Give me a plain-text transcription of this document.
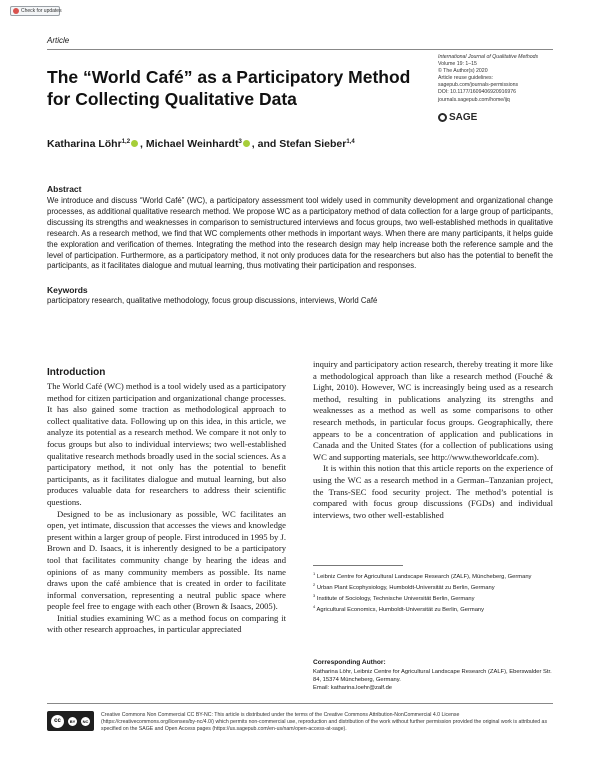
Check for updates
Article
The “World Café” as a Participatory Method for Collecting Qualitative Data
International Journal of Qualitative Methods
Volume 19: 1–15
© The Author(s) 2020
Article reuse guidelines:
sagepub.com/journals-permissions
DOI: 10.1177/1609406920916976
journals.sagepub.com/home/ijq
SAGE
Katharina Löhr$^{1,2}$ , Michael Weinhardt$^3$ , and Stefan Sieber$^{1,4}$
Abstract
We introduce and discuss “World Café” (WC), a participatory assessment tool widely used in community development and organizational change processes, as additional qualitative research method. We propose WC as a participatory method of data collection for a large group of participants, discussing its strengths and weaknesses in comparison to semistructured interviews and focus groups, two well-established methods in qualitative research. As a research method, we find that WC complements other methods in important ways. When there are many participants, it helps guide the exploration and verification of themes. Integrating the method into the research design may help increase both the reference sample and the level of participation. Furthermore, as a participatory method, it not only produces data for the researchers but also has the potential to benefit the participants, as it facilitates dialogue and mutual learning, thus motivating their participation and responses.
Keywords
participatory research, qualitative methodology, focus group discussions, interviews, World Café
Introduction

The World Café (WC) method is a tool widely used as a participatory method for citizen participation and organizational change processes. It has also gained some traction as methodological approach to collect qualitative data. Following up on this idea, in this article, we analyze its potential as a research method. We compare it not only to focus groups but also to individual interviews; two well-established qualitative research methods broadly used in the social sciences. As a participatory method, it not only has the potential to benefit participants, as it facilitates dialogue and mutual learning, but also produces valuable data for researchers to address their scientific questions.

Designed to be as inclusionary as possible, WC facilitates an open, yet intimate, discussion that accesses the views and knowledge present within a larger group of people. First introduced in 1995 by J. Brown and D. Isaacs, it is inherently designed to be a participatory tool that facilitates community change by hearing the ideas and opinions of as many community members as possible. Its name draws upon the café ambience that is created in order to facilitate informal conversation, representing a neutral public space where people feel free to engage with each other (Brown & Isaacs, 2005).

Initial studies examining WC as a method focus on comparing it with other research approaches, in particular appreciated

inquiry and participatory action research, thereby treating it more like a methodological approach than like a research method (Fouché & Light, 2010). However, WC is increasingly being used as a research method, resulting in publications analyzing its strengths and weaknesses as a method as well as some comparisons to other research methods, in particular focus groups. Geographically, there appears to be a concentration of application and publications in Canada and the United States (for a collection of publications using WC and supporting materials, see http://www.theworldcafe.com).

It is within this notion that this article reports on the experience of using the WC as a research method in a German–Tanzanian project, the Trans-SEC food security project. The method’s potential is compared with focus group discussions (FGDs) and individual interviews, two other well-established

$^1$ Leibniz Centre for Agricultural Landscape Research (ZALF), Müncheberg, Germany
$^2$ Urban Plant Ecophysiology, Humboldt-Universität zu Berlin, Germany
$^3$ Institute of Sociology, Technische Universität Berlin, Germany
$^4$ Agricultural Economics, Humboldt-Universität zu Berlin, Germany
Corresponding Author:
Katharina Löhr, Leibniz Centre for Agricultural Landscape Research (ZALF), Eberswalder Str. 84, 15374 Müncheberg, Germany.
Email: katharina.loehr@zalf.de
cc	BY	NC
Creative Commons Non Commercial CC BY-NC: This article is distributed under the terms of the Creative Commons Attribution-NonCommercial 4.0 License (https://creativecommons.org/licenses/by-nc/4.0/) which permits non-commercial use, reproduction and distribution of the work without further permission provided the original work is attributed as specified on the SAGE and Open Access pages (https://us.sagepub.com/en-us/nam/open-access-at-sage).
